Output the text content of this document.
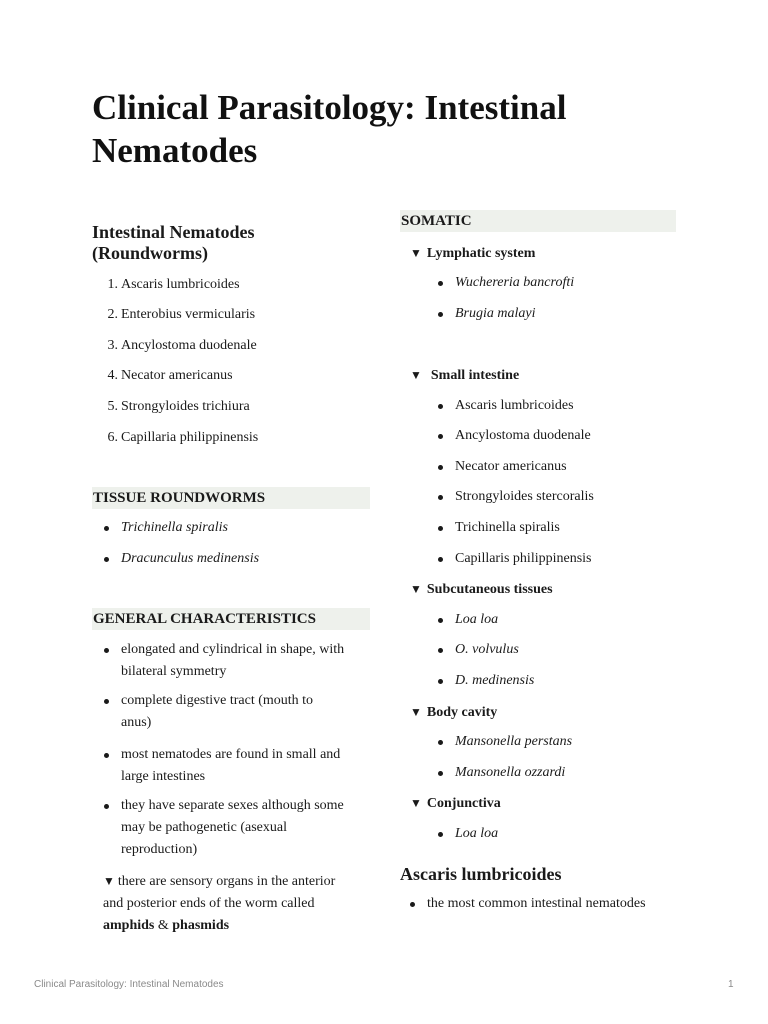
Clinical Parasitology: Intestinal Nematodes
Intestinal Nematodes (Roundworms)
1. Ascaris lumbricoides
2. Enterobius vermicularis
3. Ancylostoma duodenale
4. Necator americanus
5. Strongyloides trichiura
6. Capillaria philippinensis
TISSUE ROUNDWORMS
Trichinella spiralis
Dracunculus medinensis
GENERAL CHARACTERISTICS
elongated and cylindrical in shape, with
bilateral symmetry
complete digestive tract (mouth to
anus)
most nematodes are found in small and
large intestines
they have separate sexes although some
may be pathogenetic (asexual
reproduction)
▼ there are sensory organs in the anterior
and posterior ends of the worm called
amphids & phasmids
SOMATIC
▼ Lymphatic system
Wuchereria bancrofti
Brugia malayi
▼ Small intestine
Ascaris lumbricoides
Ancylostoma duodenale
Necator americanus
Strongyloides stercoralis
Trichinella spiralis
Capillaris philippinensis
▼ Subcutaneous tissues
Loa loa
O. volvulus
D. medinensis
▼ Body cavity
Mansonella perstans
Mansonella ozzardi
▼ Conjunctiva
Loa loa
Ascaris lumbricoides
the most common intestinal nematodes
Clinical Parasitology: Intestinal Nematodes	1
